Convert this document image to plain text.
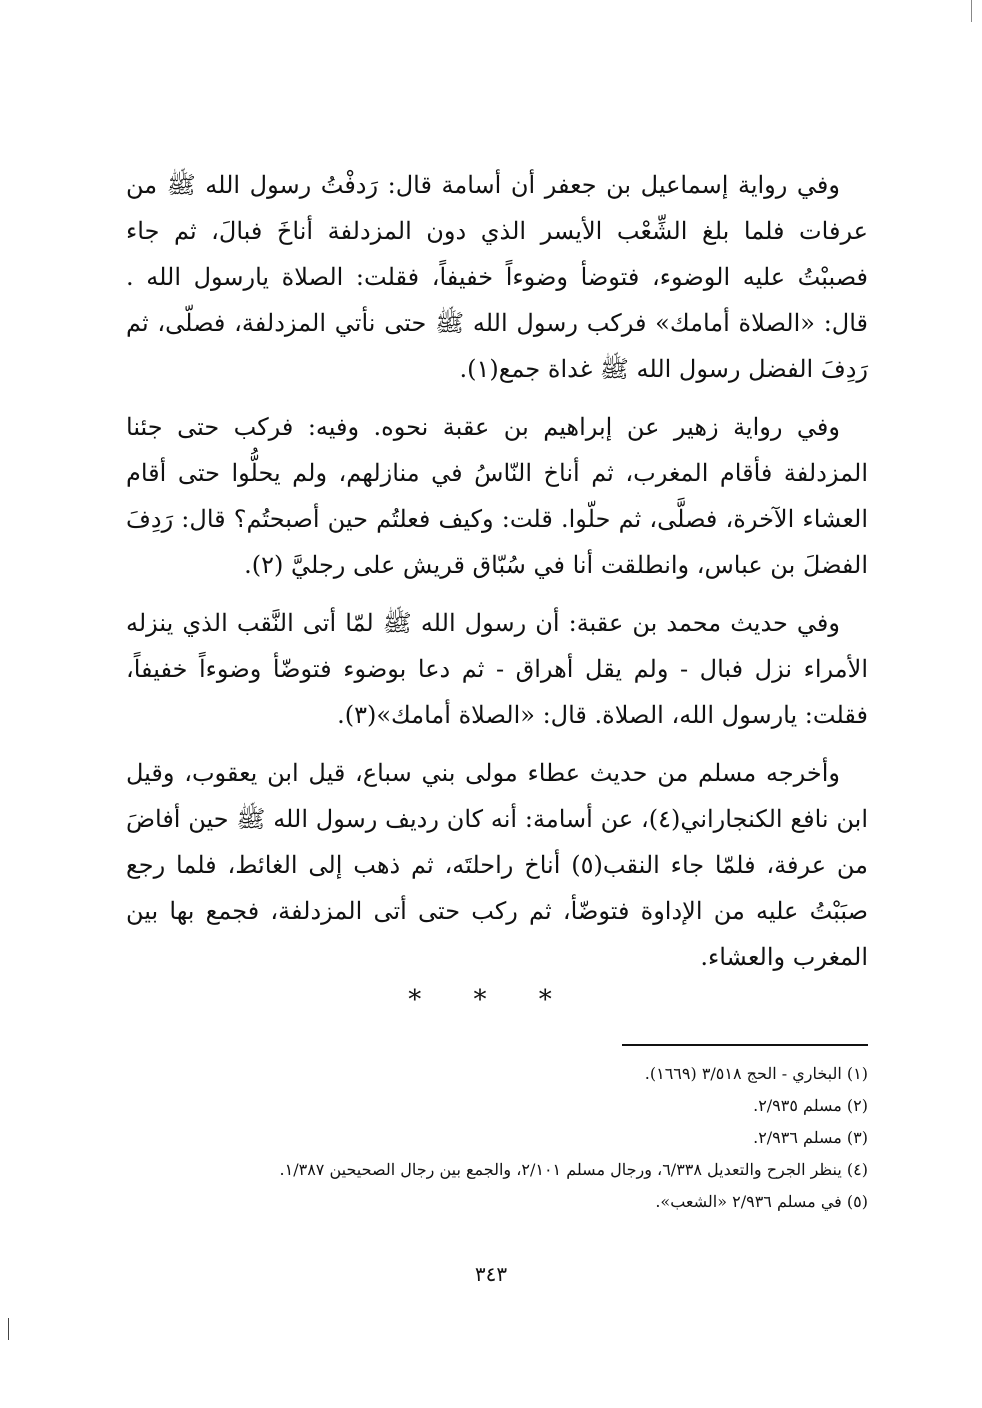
وفي رواية إسماعيل بن جعفر أن أسامة قال: رَدفْتُ رسول الله ﷺ من عرفات فلما بلغ الشِّعْب الأيسر الذي دون المزدلفة أناخَ فبالَ، ثم جاء فصببْتُ عليه الوضوء، فتوضأ وضوءاً خفيفاً، فقلت: الصلاة يارسول الله . قال: «الصلاة أمامك» فركب رسول الله ﷺ حتى نأتي المزدلفة، فصلّى، ثم رَدِفَ الفضل رسول الله ﷺ غداة جمع(١).

وفي رواية زهير عن إبراهيم بن عقبة نحوه. وفيه: فركب حتى جئنا المزدلفة فأقام المغرب، ثم أناخ النّاسُ في منازلهم، ولم يحلُّوا حتى أقام العشاء الآخرة، فصلَّى، ثم حلّوا. قلت: وكيف فعلتُم حين أصبحتُم؟ قال: رَدِفَ الفضلَ بن عباس، وانطلقت أنا في سُبّاق قريش على رجليَّ (٢).

وفي حديث محمد بن عقبة: أن رسول الله ﷺ لمّا أتى النَّقب الذي ينزله الأمراء نزل فبال - ولم يقل أهراق - ثم دعا بوضوء فتوضّأ وضوءاً خفيفاً، فقلت: يارسول الله، الصلاة. قال: «الصلاة أمامك»(٣).

وأخرجه مسلم من حديث عطاء مولى بني سباع، قيل ابن يعقوب، وقيل ابن نافع الكنجاراني(٤)، عن أسامة: أنه كان رديف رسول الله ﷺ حين أفاضَ من عرفة، فلمّا جاء النقب(٥) أناخ راحلتَه، ثم ذهب إلى الغائط، فلما رجع صبَبْتُ عليه من الإداوة فتوضّأ، ثم ركب حتى أتى المزدلفة، فجمع بها بين المغرب والعشاء.

* * *
(١) البخاري - الحج ٣/٥١٨ (١٦٦٩).
(٢) مسلم ٢/٩٣٥.
(٣) مسلم ٢/٩٣٦.
(٤) ينظر الجرح والتعديل ٦/٣٣٨، ورجال مسلم ٢/١٠١، والجمع بين رجال الصحيحين ١/٣٨٧.
(٥) في مسلم ٢/٩٣٦ «الشعب».
٣٤٣
